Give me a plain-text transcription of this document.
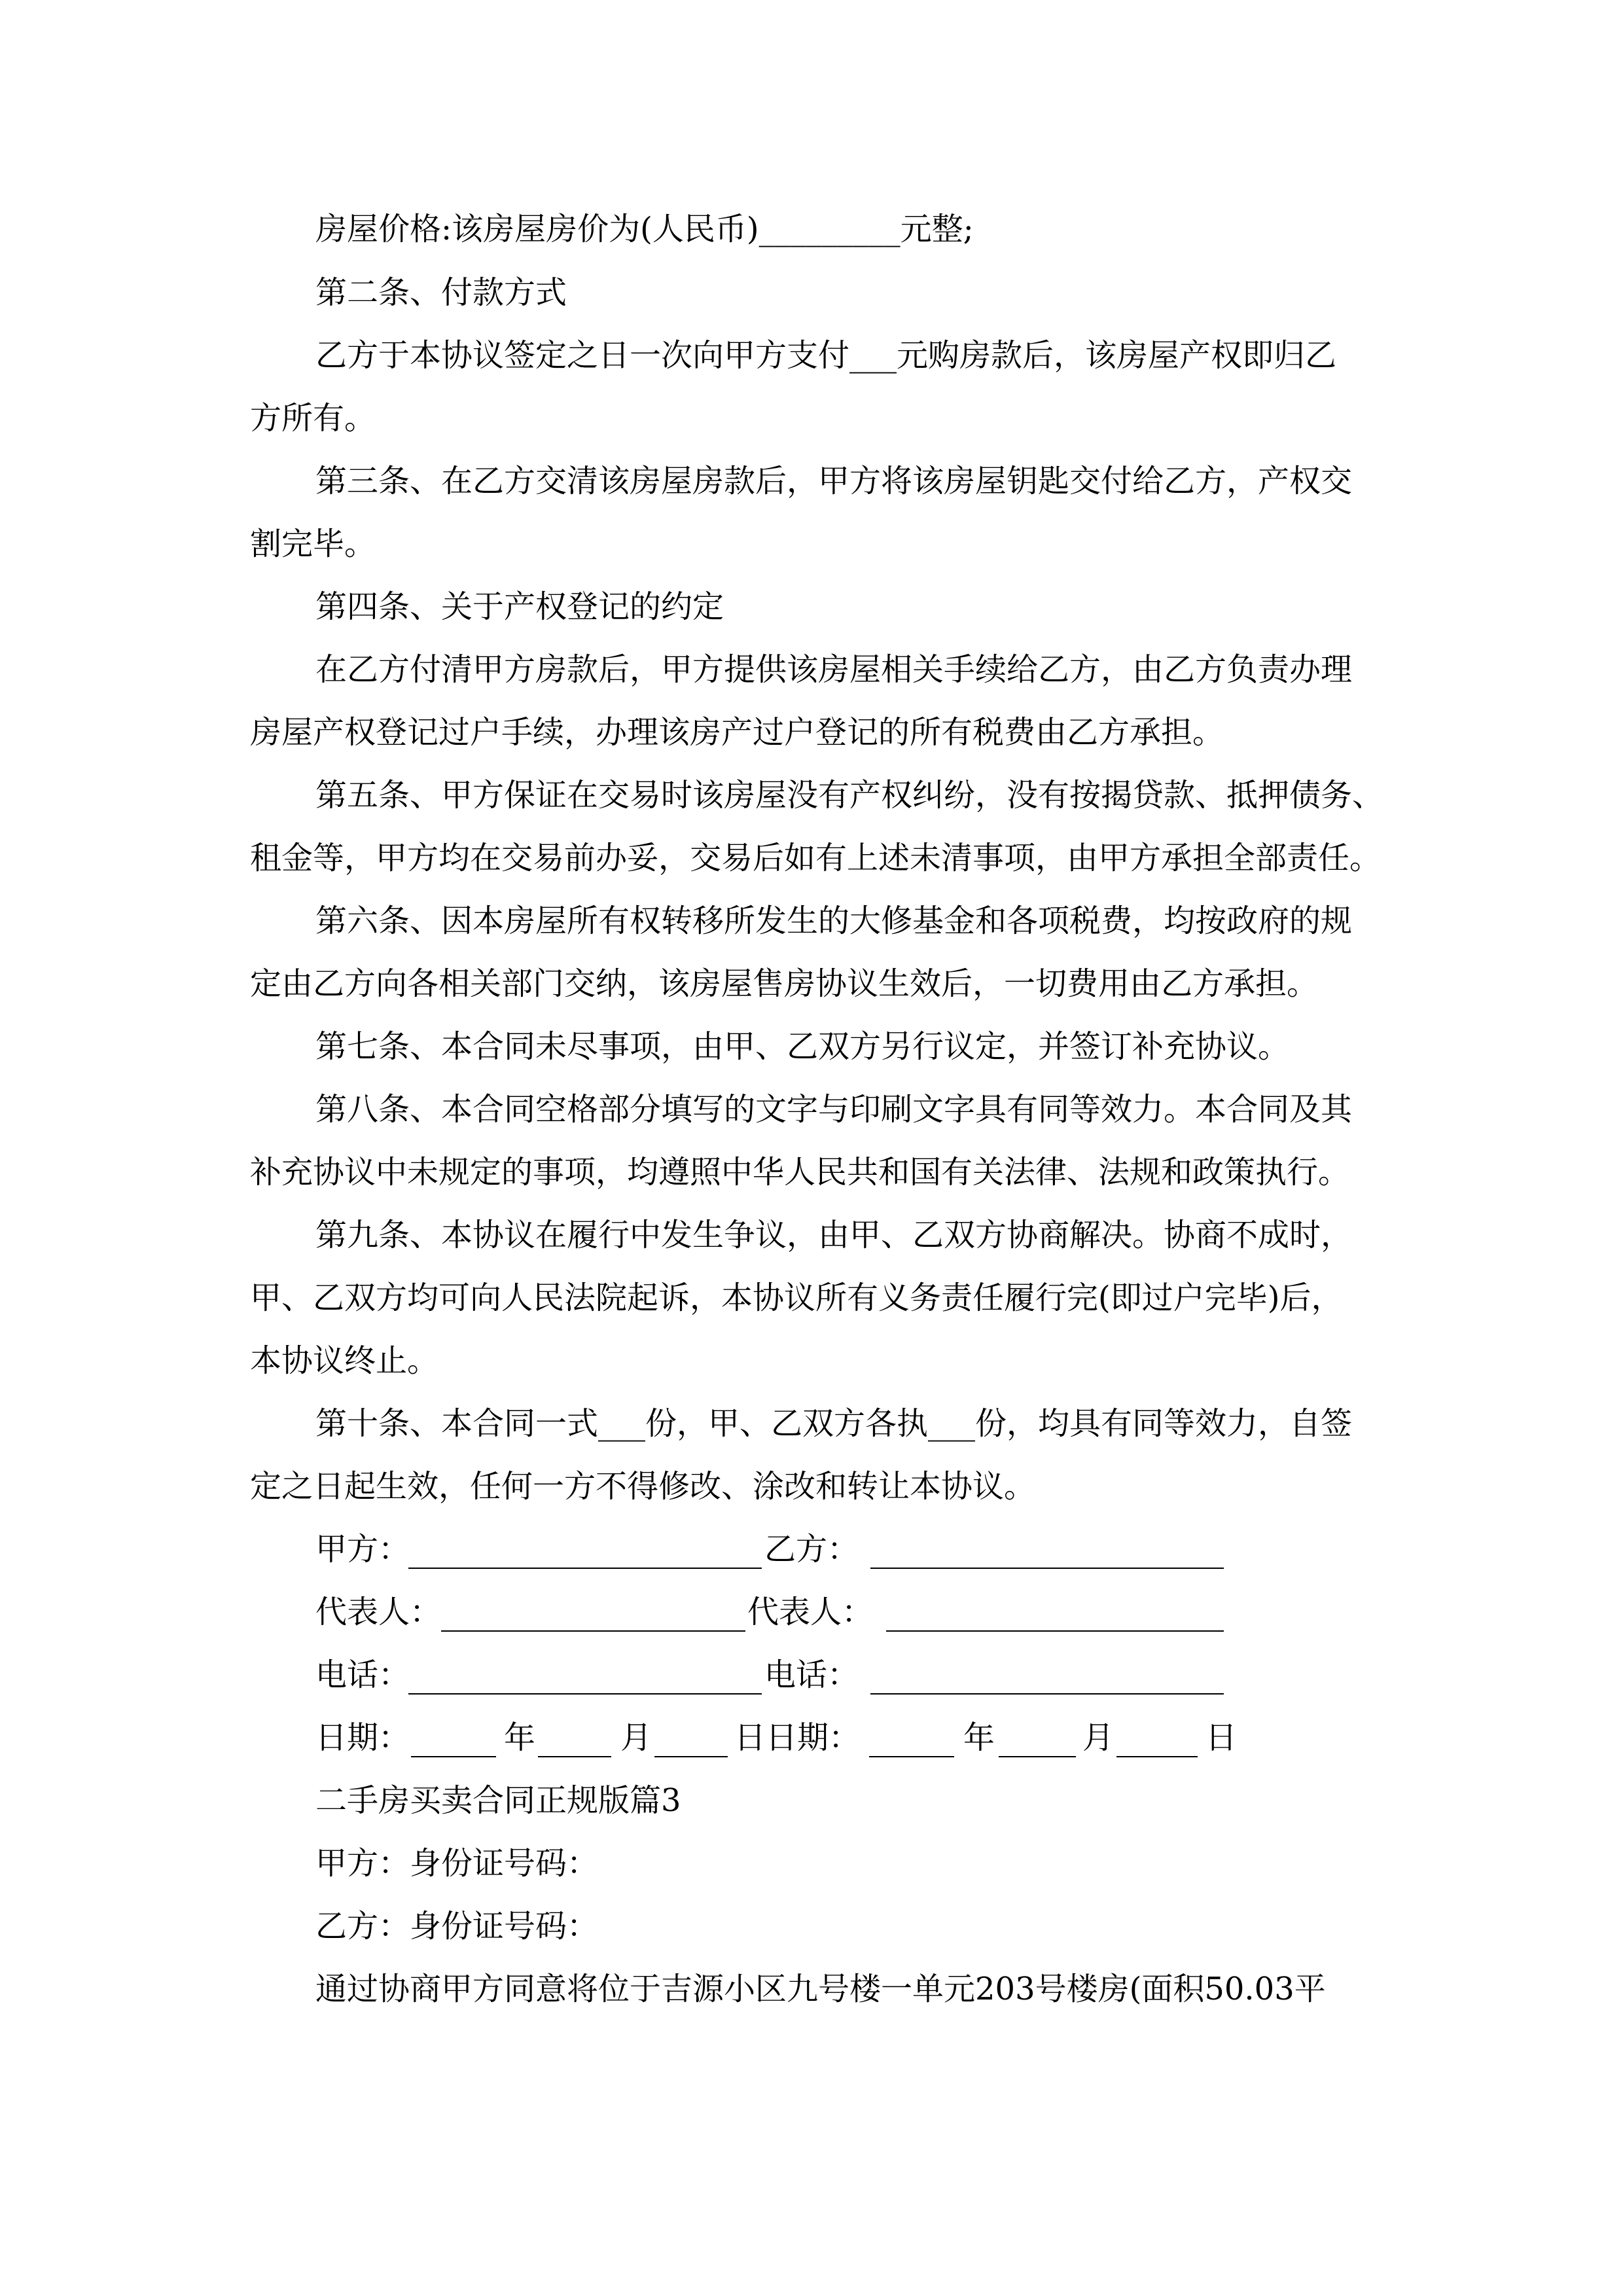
房屋价格:该房屋房价为(人民币)_________元整;
第二条、付款方式
乙方于本协议签定之日一次向甲方支付___元购房款后，该房屋产权即归乙
方所有。
第三条、在乙方交清该房屋房款后，甲方将该房屋钥匙交付给乙方，产权交
割完毕。
第四条、关于产权登记的约定
在乙方付清甲方房款后，甲方提供该房屋相关手续给乙方，由乙方负责办理
房屋产权登记过户手续，办理该房产过户登记的所有税费由乙方承担。
第五条、甲方保证在交易时该房屋没有产权纠纷，没有按揭贷款、抵押债务、
租金等，甲方均在交易前办妥，交易后如有上述未清事项，由甲方承担全部责任。
第六条、因本房屋所有权转移所发生的大修基金和各项税费，均按政府的规
定由乙方向各相关部门交纳，该房屋售房协议生效后，一切费用由乙方承担。
第七条、本合同未尽事项，由甲、乙双方另行议定，并签订补充协议。
第八条、本合同空格部分填写的文字与印刷文字具有同等效力。本合同及其
补充协议中未规定的事项，均遵照中华人民共和国有关法律、法规和政策执行。
第九条、本协议在履行中发生争议，由甲、乙双方协商解决。协商不成时，
甲、乙双方均可向人民法院起诉，本协议所有义务责任履行完(即过户完毕)后，
本协议终止。
第十条、本合同一式___份，甲、乙双方各执___份，均具有同等效力，自签
定之日起生效，任何一方不得修改、涂改和转让本协议。
甲方：	乙方：
代表人：	代表人：
电话：	电话：
日期：	年	月	日日期：	年	月	日
二手房买卖合同正规版篇3
甲方：身份证号码：
乙方：身份证号码：
通过协商甲方同意将位于吉源小区九号楼一单元203号楼房(面积50.03平
